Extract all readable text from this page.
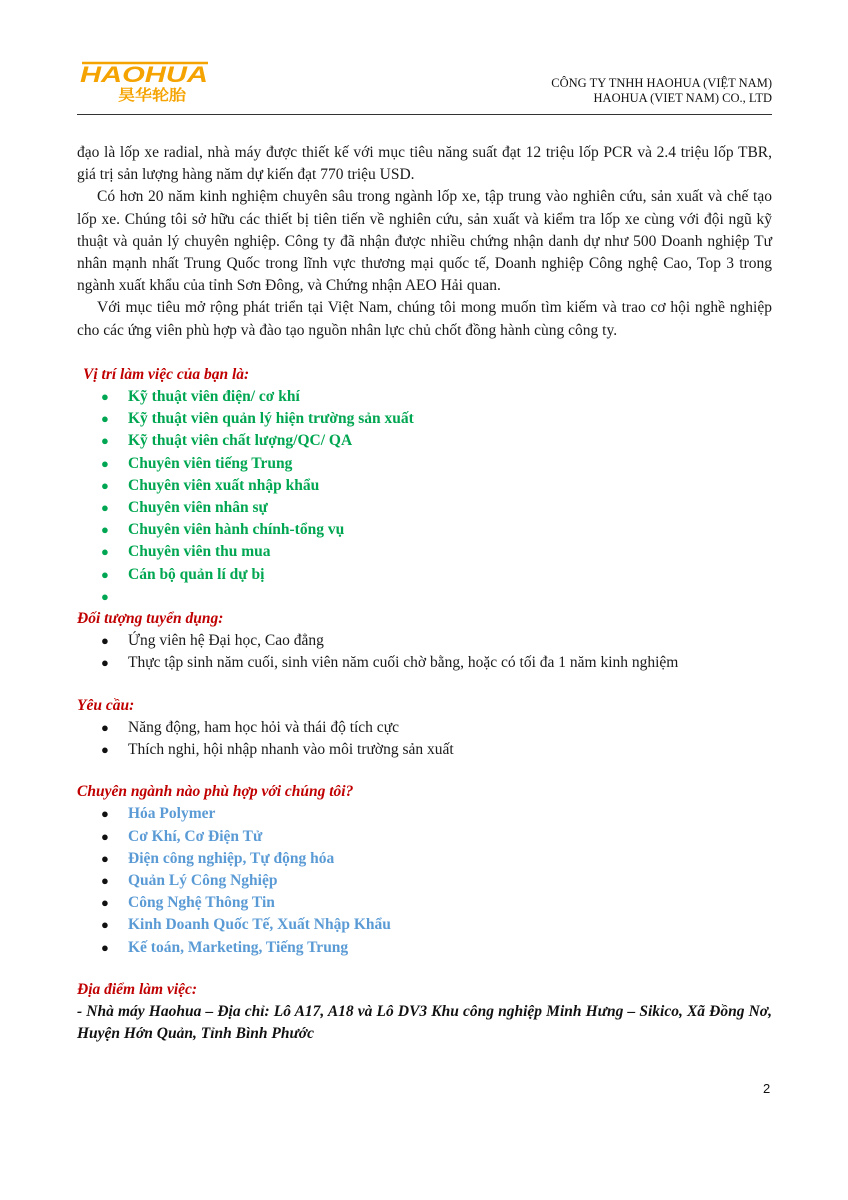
HAOHUA
昊华轮胎
CÔNG TY TNHH HAOHUA (VIỆT NAM)
HAOHUA (VIET NAM) CO., LTD

đạo là lốp xe radial, nhà máy được thiết kế với mục tiêu năng suất đạt 12 triệu lốp PCR và 2.4 triệu lốp TBR, giá trị sản lượng hàng năm dự kiến đạt 770 triệu USD.

Có hơn 20 năm kinh nghiệm chuyên sâu trong ngành lốp xe, tập trung vào nghiên cứu, sản xuất và chế tạo lốp xe. Chúng tôi sở hữu các thiết bị tiên tiến về nghiên cứu, sản xuất và kiểm tra lốp xe cùng với đội ngũ kỹ thuật và quản lý chuyên nghiệp. Công ty đã nhận được nhiều chứng nhận danh dự như 500 Doanh nghiệp Tư nhân mạnh nhất Trung Quốc trong lĩnh vực thương mại quốc tế, Doanh nghiệp Công nghệ Cao, Top 3 trong ngành xuất khẩu của tỉnh Sơn Đông, và Chứng nhận AEO Hải quan.

Với mục tiêu mở rộng phát triển tại Việt Nam, chúng tôi mong muốn tìm kiếm và trao cơ hội nghề nghiệp cho các ứng viên phù hợp và đào tạo nguồn nhân lực chủ chốt đồng hành cùng công ty.

Vị trí làm việc của bạn là:

● Kỹ thuật viên điện/ cơ khí
● Kỹ thuật viên quản lý hiện trường sản xuất
● Kỹ thuật viên chất lượng/QC/ QA
● Chuyên viên tiếng Trung
● Chuyên viên xuất nhập khẩu
● Chuyên viên nhân sự
● Chuyên viên hành chính-tổng vụ
● Chuyên viên thu mua
● Cán bộ quản lí dự bị
●

Đối tượng tuyển dụng:

● Ứng viên hệ Đại học, Cao đẳng
● Thực tập sinh năm cuối, sinh viên năm cuối chờ bằng, hoặc có tối đa 1 năm kinh nghiệm

Yêu cầu:

● Năng động, ham học hỏi và thái độ tích cực
● Thích nghi, hội nhập nhanh vào môi trường sản xuất

Chuyên ngành nào phù hợp với chúng tôi?

● Hóa Polymer
● Cơ Khí, Cơ Điện Tử
● Điện công nghiệp, Tự động hóa
● Quản Lý Công Nghiệp
● Công Nghệ Thông Tin
● Kinh Doanh Quốc Tế, Xuất Nhập Khẩu
● Kế toán, Marketing, Tiếng Trung

Địa điểm làm việc:

- Nhà máy Haohua – Địa chỉ: Lô A17, A18 và Lô DV3 Khu công nghiệp Minh Hưng – Sikico, Xã Đồng Nơ, Huyện Hớn Quản, Tỉnh Bình Phước

2
